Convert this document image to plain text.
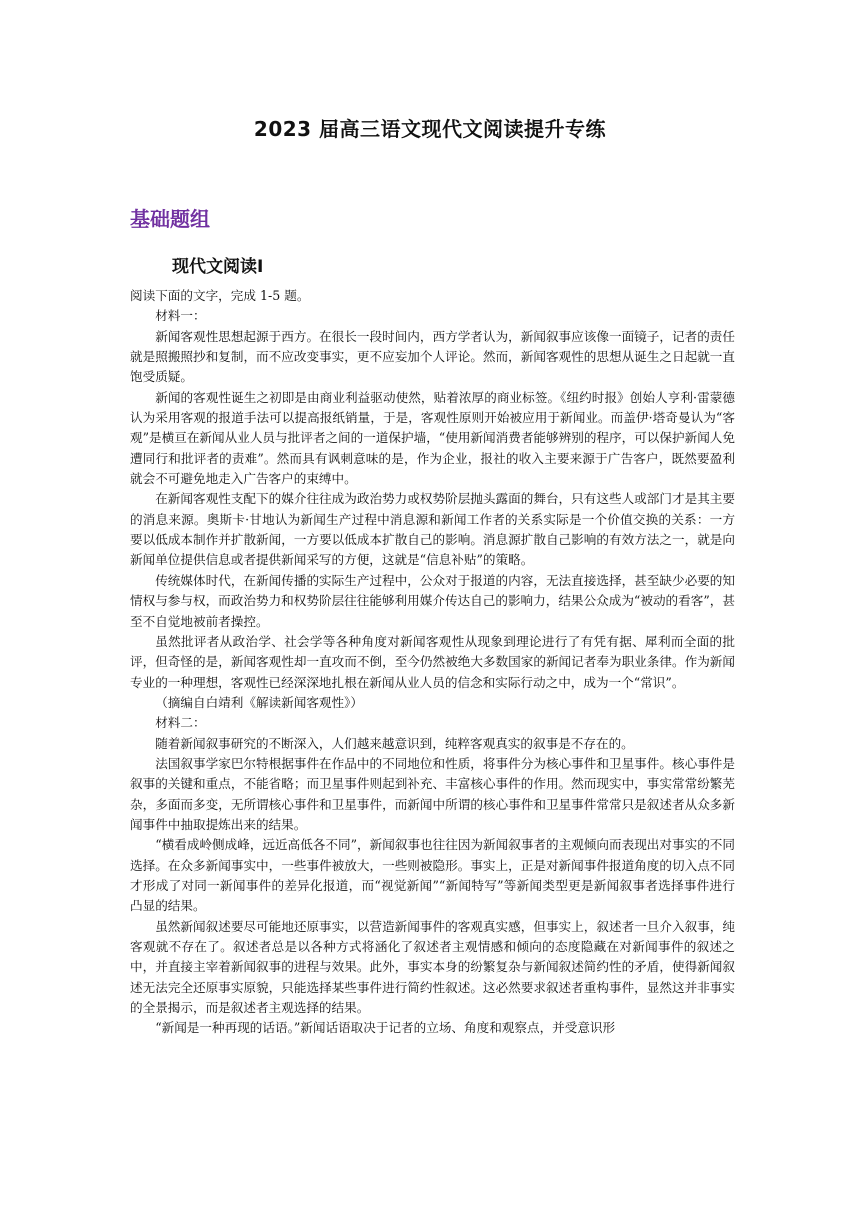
2023 届高三语文现代文阅读提升专练
基础题组
现代文阅读Ⅰ

阅读下面的文字，完成 1-5 题。

材料一：

新闻客观性思想起源于西方。在很长一段时间内，西方学者认为，新闻叙事应该像一面镜子，记者的责任就是照搬照抄和复制，而不应改变事实，更不应妄加个人评论。然而，新闻客观性的思想从诞生之日起就一直饱受质疑。

新闻的客观性诞生之初即是由商业利益驱动使然，贴着浓厚的商业标签。《纽约时报》创始人亨利·雷蒙德认为采用客观的报道手法可以提高报纸销量，于是，客观性原则开始被应用于新闻业。而盖伊·塔奇曼认为“客观”是横亘在新闻从业人员与批评者之间的一道保护墙，“使用新闻消费者能够辨别的程序，可以保护新闻人免遭同行和批评者的责难”。然而具有讽刺意味的是，作为企业，报社的收入主要来源于广告客户，既然要盈利就会不可避免地走入广告客户的束缚中。

在新闻客观性支配下的媒介往往成为政治势力或权势阶层抛头露面的舞台，只有这些人或部门才是其主要的消息来源。奥斯卡·甘地认为新闻生产过程中消息源和新闻工作者的关系实际是一个价值交换的关系：一方要以低成本制作并扩散新闻，一方要以低成本扩散自己的影响。消息源扩散自己影响的有效方法之一，就是向新闻单位提供信息或者提供新闻采写的方便，这就是“信息补贴”的策略。

传统媒体时代，在新闻传播的实际生产过程中，公众对于报道的内容，无法直接选择，甚至缺少必要的知情权与参与权，而政治势力和权势阶层往往能够利用媒介传达自己的影响力，结果公众成为“被动的看客”，甚至不自觉地被前者操控。

虽然批评者从政治学、社会学等各种角度对新闻客观性从现象到理论进行了有凭有据、犀利而全面的批评，但奇怪的是，新闻客观性却一直攻而不倒，至今仍然被绝大多数国家的新闻记者奉为职业条律。作为新闻专业的一种理想，客观性已经深深地扎根在新闻从业人员的信念和实际行动之中，成为一个“常识”。

（摘编自白靖利《解读新闻客观性》）

材料二：

随着新闻叙事研究的不断深入，人们越来越意识到，纯粹客观真实的叙事是不存在的。

法国叙事学家巴尔特根据事件在作品中的不同地位和性质，将事件分为核心事件和卫星事件。核心事件是叙事的关键和重点，不能省略；而卫星事件则起到补充、丰富核心事件的作用。然而现实中，事实常常纷繁芜杂，多面而多变，无所谓核心事件和卫星事件，而新闻中所谓的核心事件和卫星事件常常只是叙述者从众多新闻事件中抽取提炼出来的结果。

“横看成岭侧成峰，远近高低各不同”，新闻叙事也往往因为新闻叙事者的主观倾向而表现出对事实的不同选择。在众多新闻事实中，一些事件被放大，一些则被隐形。事实上，正是对新闻事件报道角度的切入点不同才形成了对同一新闻事件的差异化报道，而“视觉新闻”“新闻特写”等新闻类型更是新闻叙事者选择事件进行凸显的结果。

虽然新闻叙述要尽可能地还原事实，以营造新闻事件的客观真实感，但事实上，叙述者一旦介入叙事，纯客观就不存在了。叙述者总是以各种方式将涵化了叙述者主观情感和倾向的态度隐藏在对新闻事件的叙述之中，并直接主宰着新闻叙事的进程与效果。此外，事实本身的纷繁复杂与新闻叙述简约性的矛盾，使得新闻叙述无法完全还原事实原貌，只能选择某些事件进行简约性叙述。这必然要求叙述者重构事件，显然这并非事实的全景揭示，而是叙述者主观选择的结果。

“新闻是一种再现的话语。”新闻话语取决于记者的立场、角度和观察点，并受意识形
